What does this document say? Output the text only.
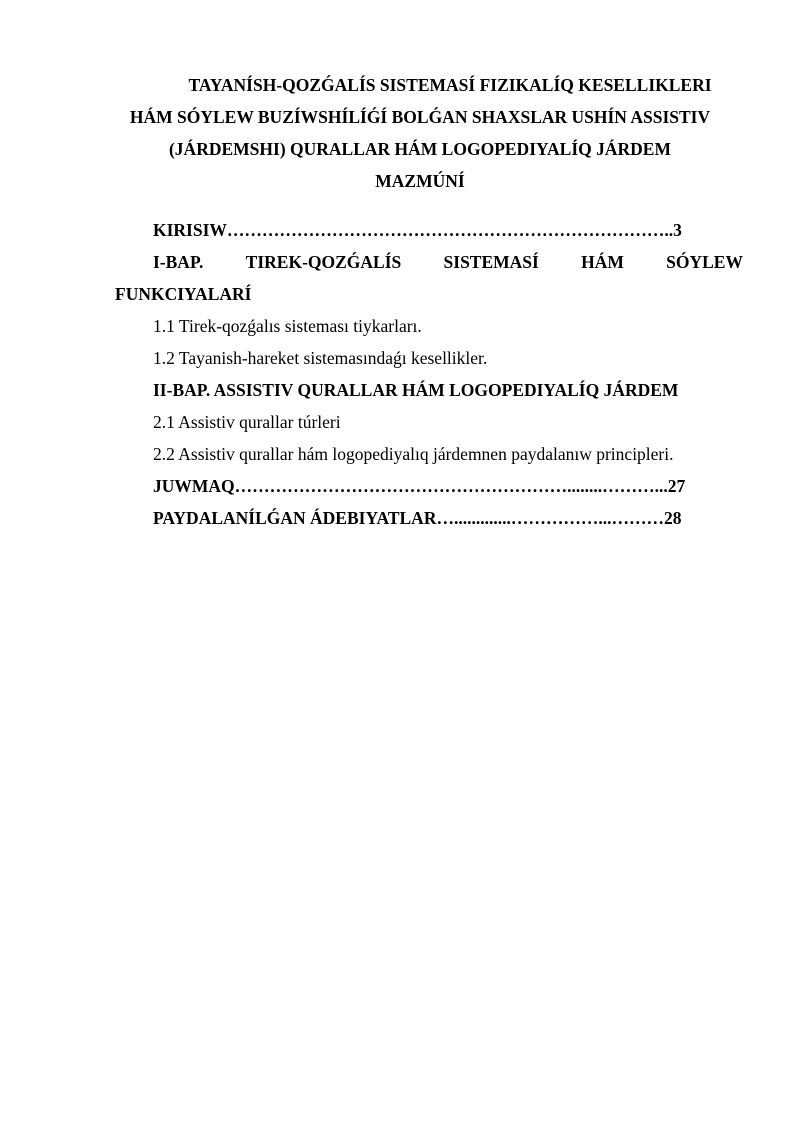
TAYANÍSH-QOZǴALÍS SISTEMASÍ FIZIKALÍQ KESELLIKLERI
HÁM SÓYLEW BUZÍWSHÍLÍǴÍ BOLǴAN SHAXSLAR USHÍN ASSISTIV
(JÁRDEMSHI) QURALLAR HÁM LOGOPEDIYALÍQ JÁRDEM
MAZMÚNÍ
KIRISIW…………………………………………………………………..3
I-BAP. TIREK-QOZǴALÍS SISTEMASÍ HÁM SÓYLEW
FUNKCIYALARÍ
1.1 Tirek-qozǵalıs sisteması tiykarları.
1.2 Tayanish-hareket sistemasındaǵı kesellikler.
II-BAP. ASSISTIV QURALLAR HÁM LOGOPEDIYALÍQ JÁRDEM
2.1 Assistiv qurallar túrleri
2.2 Assistiv qurallar hám logopediyalıq járdemnen paydalanıw principleri.
JUWMAQ…………………………………………………........………...27
PAYDALANÍLǴAN ÁDEBIYATLAR….............……………...………28
